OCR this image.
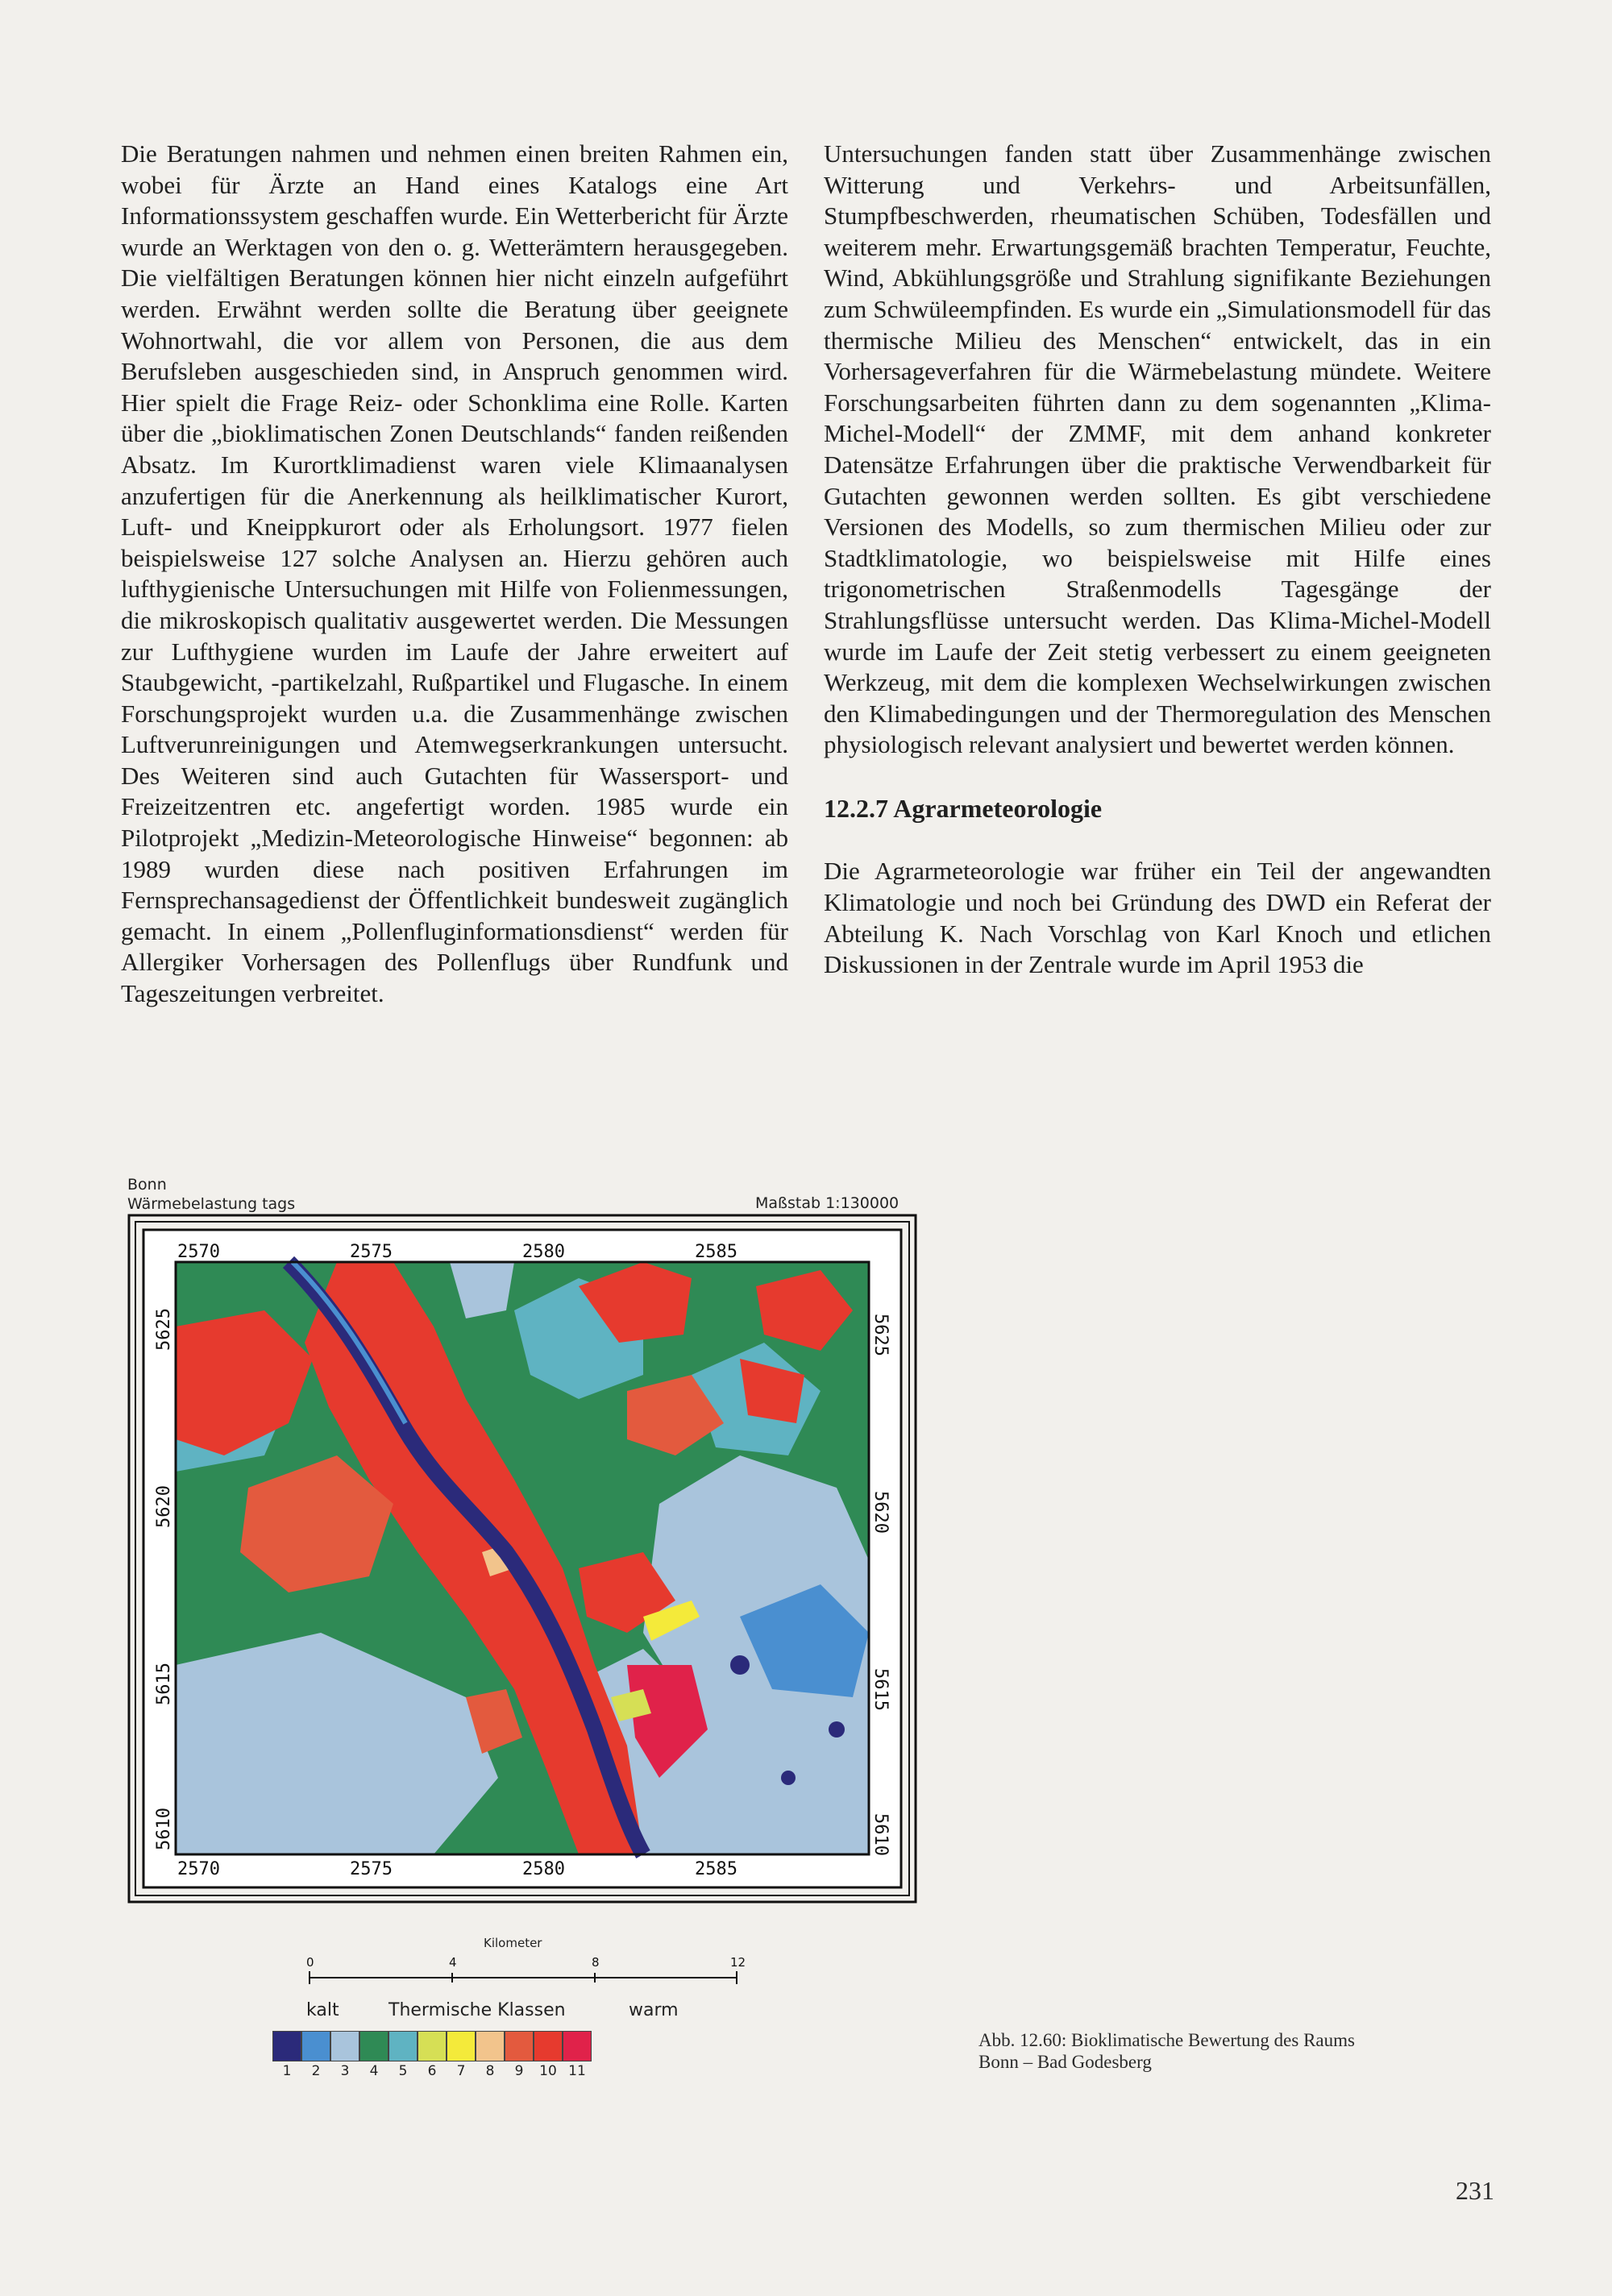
Die Beratungen nahmen und nehmen einen breiten Rahmen ein, wobei für Ärzte an Hand eines Katalogs eine Art Informationssystem geschaffen wurde. Ein Wetterbericht für Ärzte wurde an Werktagen von den o. g. Wetterämtern herausgegeben. Die vielfältigen Beratungen können hier nicht einzeln aufgeführt werden. Erwähnt werden sollte die Beratung über geeignete Wohnortwahl, die vor allem von Personen, die aus dem Berufsleben ausgeschieden sind, in Anspruch genommen wird. Hier spielt die Frage Reiz- oder Schonklima eine Rolle. Karten über die „bioklimatischen Zonen Deutschlands“ fanden reißenden Absatz. Im Kurortklimadienst waren viele Klimaanalysen anzufertigen für die Anerkennung als heilklimatischer Kurort, Luft- und Kneippkurort oder als Erholungsort. 1977 fielen beispielsweise 127 solche Analysen an. Hierzu gehören auch lufthygienische Untersuchungen mit Hilfe von Folienmessungen, die mikroskopisch qualitativ ausgewertet werden. Die Messungen zur Lufthygiene wurden im Laufe der Jahre erweitert auf Staubgewicht, -partikelzahl, Rußpartikel und Flugasche. In einem Forschungsprojekt wurden u.a. die Zusammenhänge zwischen Luftverunreinigungen und Atemwegserkrankungen untersucht. Des Weiteren sind auch Gutachten für Wassersport- und Freizeitzentren etc. angefertigt worden. 1985 wurde ein Pilotprojekt „Medizin-Meteorologische Hinweise“ begonnen: ab 1989 wurden diese nach positiven Erfahrungen im Fernsprechansagedienst der Öffentlichkeit bundesweit zugänglich gemacht. In einem „Pollenfluginformationsdienst“ werden für Allergiker Vorhersagen des Pollenflugs über Rundfunk und Tageszeitungen verbreitet.

Untersuchungen fanden statt über Zusammenhänge zwischen Witterung und Verkehrs- und Arbeitsunfällen, Stumpfbeschwerden, rheumatischen Schüben, Todesfällen und weiterem mehr. Erwartungsgemäß brachten Temperatur, Feuchte, Wind, Abkühlungsgröße und Strahlung signifikante Beziehungen zum Schwüleempfinden. Es wurde ein „Simulationsmodell für das thermische Milieu des Menschen“ entwickelt, das in ein Vorhersageverfahren für die Wärmebelastung mündete. Weitere Forschungsarbeiten führten dann zu dem sogenannten „Klima-Michel-Modell“ der ZMMF, mit dem anhand konkreter Datensätze Erfahrungen über die praktische Verwendbarkeit für Gutachten gewonnen werden sollten. Es gibt verschiedene Versionen des Modells, so zum thermischen Milieu oder zur Stadtklimatologie, wo beispielsweise mit Hilfe eines trigonometrischen Straßenmodells Tagesgänge der Strahlungsflüsse untersucht werden. Das Klima-Michel-Modell wurde im Laufe der Zeit stetig verbessert zu einem geeigneten Werkzeug, mit dem die komplexen Wechselwirkungen zwischen den Klimabedingungen und der Thermoregulation des Menschen physiologisch relevant analysiert und bewertet werden können.

12.2.7 Agrarmeteorologie

Die Agrarmeteorologie war früher ein Teil der angewandten Klimatologie und noch bei Gründung des DWD ein Referat der Abteilung K. Nach Vorschlag von Karl Knoch und etlichen Diskussionen in der Zentrale wurde im April 1953 die

Bonn
Wärmebelastung tags	Maßstab 1:130000
2570	2575	2580	2585
2570	2575	2580	2585
5625
5620
5615
5610
5625
5620
5615
5610
Kilometer
0	4	8	12
kalt	Thermische Klassen	warm
1	2	3	4	5	6	7	8	9	10 11
Abb. 12.60: Bioklimatische Bewertung des Raums
Bonn – Bad Godesberg
231
